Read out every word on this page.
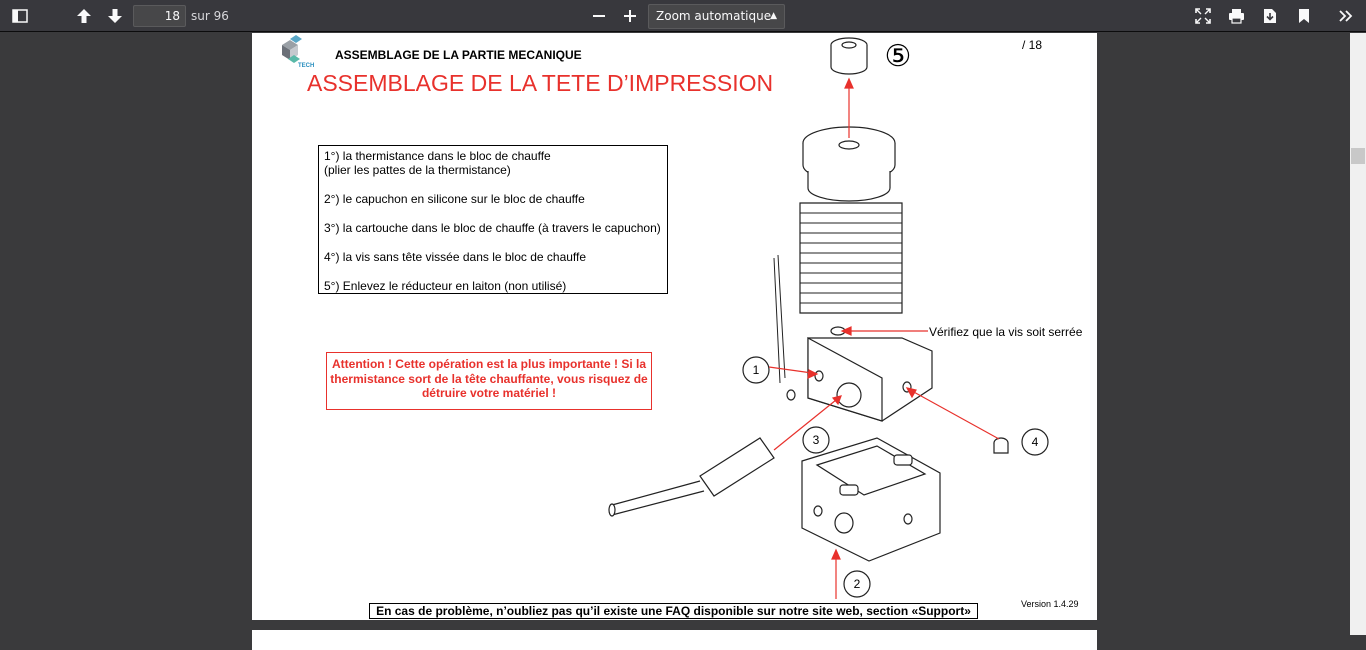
18 sur 96	Zoom automatique
▲

TECH
ASSEMBLAGE DE LA PARTIE MECANIQUE
ASSEMBLAGE DE LA TETE D’IMPRESSION
/ 18
1°) la thermistance dans le bloc de chauffe
(plier les pattes de la thermistance)
2°) le capuchon en silicone sur le bloc de chauffe
3°) la cartouche dans le bloc de chauffe (à travers le capuchon)
4°) la vis sans tête vissée dans le bloc de chauffe
5°) Enlevez le réducteur en laiton (non utilisé)
Attention ! Cette opération est la plus importante ! Si la thermistance sort de la tête chauffante, vous risquez de détruire votre matériel !
Vérifiez que la vis soit serrée
1
3	4
2
⑤
Version 1.4.29
En cas de problème, n’oubliez pas qu’il existe une FAQ disponible sur notre site web, section «Support»
